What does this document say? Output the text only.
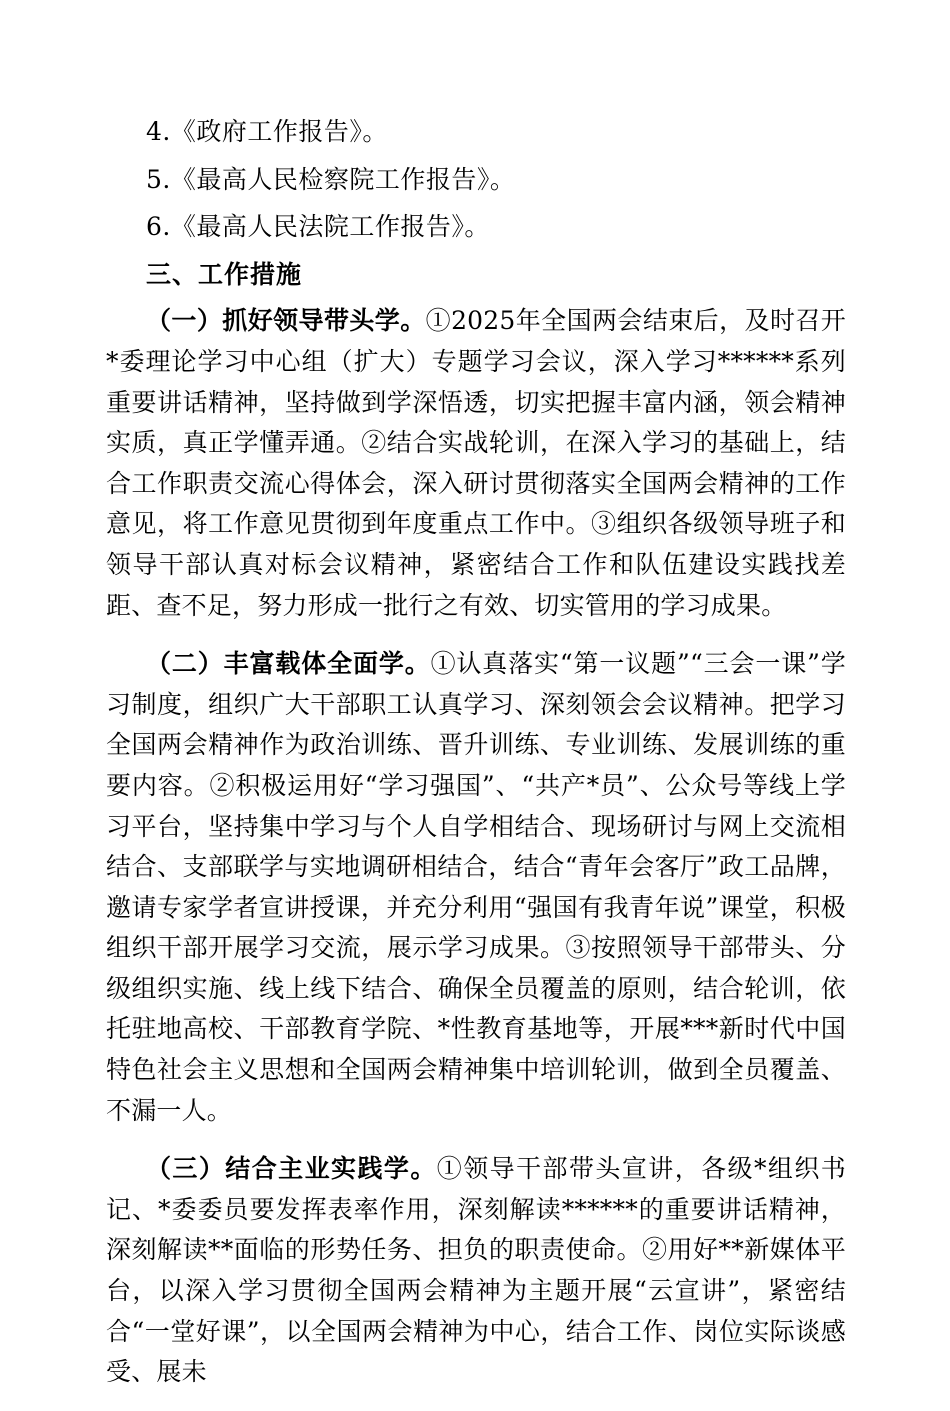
4.《政府工作报告》。
5.《最高人民检察院工作报告》。
6.《最高人民法院工作报告》。
三、工作措施

（一）抓好领导带头学。①2025年全国两会结束后，及时召开*委理论学习中心组（扩大）专题学习会议，深入学习******系列重要讲话精神，坚持做到学深悟透，切实把握丰富内涵，领会精神实质，真正学懂弄通。②结合实战轮训，在深入学习的基础上，结合工作职责交流心得体会，深入研讨贯彻落实全国两会精神的工作意见，将工作意见贯彻到年度重点工作中。③组织各级领导班子和领导干部认真对标会议精神，紧密结合工作和队伍建设实践找差距、查不足，努力形成一批行之有效、切实管用的学习成果。

（二）丰富载体全面学。①认真落实“第一议题”“三会一课”学习制度，组织广大干部职工认真学习、深刻领会会议精神。把学习全国两会精神作为政治训练、晋升训练、专业训练、发展训练的重要内容。②积极运用好“学习强国”、“共产*员”、公众号等线上学习平台，坚持集中学习与个人自学相结合、现场研讨与网上交流相结合、支部联学与实地调研相结合，结合“青年会客厅”政工品牌，邀请专家学者宣讲授课，并充分利用“强国有我青年说”课堂，积极组织干部开展学习交流，展示学习成果。③按照领导干部带头、分级组织实施、线上线下结合、确保全员覆盖的原则，结合轮训，依托驻地高校、干部教育学院、*性教育基地等，开展***新时代中国特色社会主义思想和全国两会精神集中培训轮训，做到全员覆盖、不漏一人。

（三）结合主业实践学。①领导干部带头宣讲，各级*组织书记、*委委员要发挥表率作用，深刻解读******的重要讲话精神，深刻解读**面临的形势任务、担负的职责使命。②用好**新媒体平台，以深入学习贯彻全国两会精神为主题开展“云宣讲”，紧密结合“一堂好课”，以全国两会精神为中心，结合工作、岗位实际谈感受、展未
